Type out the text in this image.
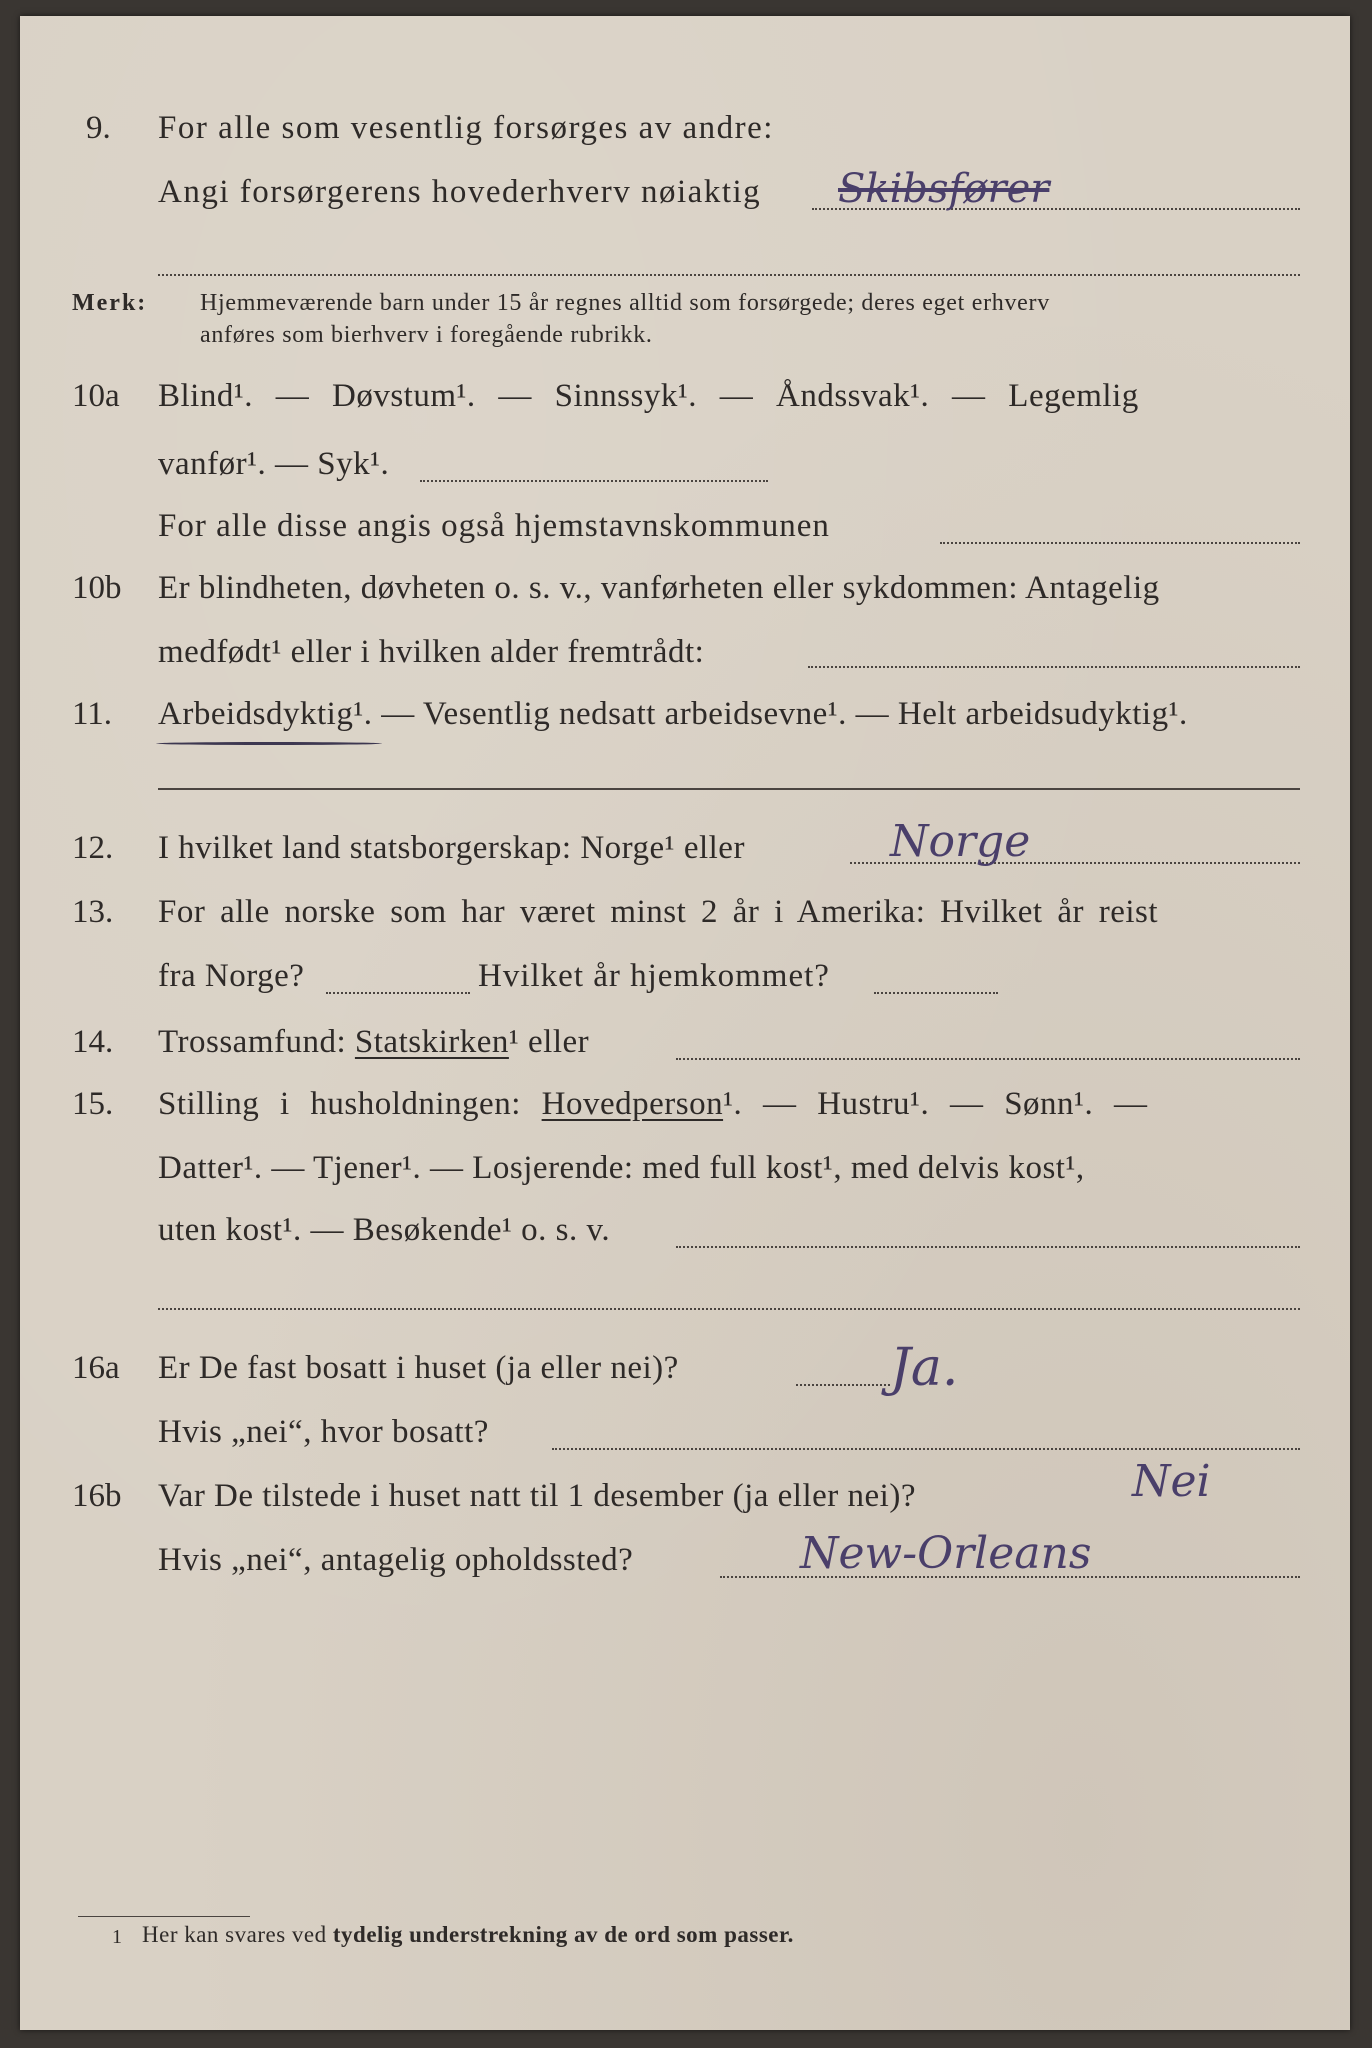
9. For alle som vesentlig forsørges av andre:
Angi forsørgerens hovederhverv nøiaktig Skibsfører
Merk: Hjemmeværende barn under 15 år regnes alltid som forsørgede; deres eget erhverv
anføres som bierhverv i foregående rubrikk.
10a Blind¹. — Døvstum¹. — Sinnssyk¹. — Åndssvak¹. — Legemlig
vanfør¹. — Syk¹.
For alle disse angis også hjemstavnskommunen
10b Er blindheten, døvheten o. s. v., vanførheten eller sykdommen: Antagelig
medfødt¹ eller i hvilken alder fremtrådt:
11. Arbeidsdyktig¹. — Vesentlig nedsatt arbeidsevne¹. — Helt arbeidsudyktig¹.
12. I hvilket land statsborgerskap: Norge¹ eller	Norge
13. For alle norske som har været minst 2 år i Amerika: Hvilket år reist
fra Norge?	Hvilket år hjemkommet?
14. Trossamfund: Statskirken¹ eller
15. Stilling i husholdningen: Hovedperson¹. — Hustru¹. — Sønn¹. —
Datter¹. — Tjener¹. — Losjerende: med full kost¹, med delvis kost¹,
uten kost¹. — Besøkende¹ o. s. v.
16a Er De fast bosatt i huset (ja eller nei)?	Ja.
Hvis „nei“, hvor bosatt?
16b Var De tilstede i huset natt til 1 desember (ja eller nei)?	Nei
Hvis „nei“, antagelig opholdssted?	New-Orleans
1 Her kan svares ved tydelig understrekning av de ord som passer.
